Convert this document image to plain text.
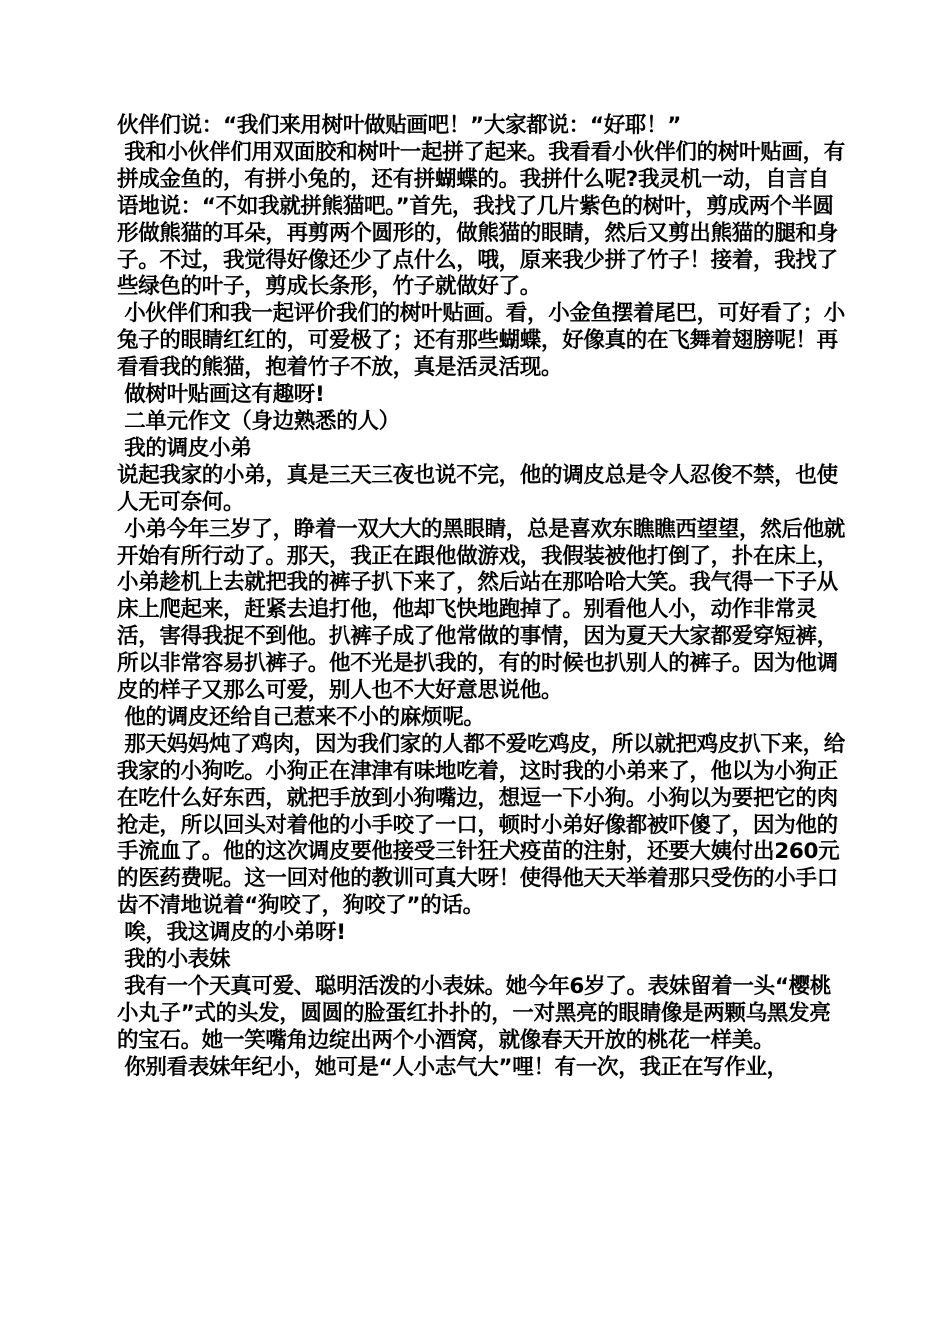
伙伴们说：“我们来用树叶做贴画吧！”大家都说：“好耶！”

我和小伙伴们用双面胶和树叶一起拼了起来。我看看小伙伴们的树叶贴画，有拼成金鱼的，有拼小兔的，还有拼蝴蝶的。我拼什么呢?我灵机一动，自言自语地说：“不如我就拼熊猫吧。”首先，我找了几片紫色的树叶，剪成两个半圆形做熊猫的耳朵，再剪两个圆形的，做熊猫的眼睛，然后又剪出熊猫的腿和身子。不过，我觉得好像还少了点什么，哦，原来我少拼了竹子！接着，我找了些绿色的叶子，剪成长条形，竹子就做好了。

小伙伴们和我一起评价我们的树叶贴画。看，小金鱼摆着尾巴，可好看了；小兔子的眼睛红红的，可爱极了；还有那些蝴蝶，好像真的在飞舞着翅膀呢！再看看我的熊猫，抱着竹子不放，真是活灵活现。

做树叶贴画这有趣呀!

二单元作文（身边熟悉的人）

我的调皮小弟

说起我家的小弟，真是三天三夜也说不完，他的调皮总是令人忍俊不禁，也使人无可奈何。

小弟今年三岁了，睁着一双大大的黑眼睛，总是喜欢东瞧瞧西望望，然后他就开始有所行动了。那天，我正在跟他做游戏，我假装被他打倒了，扑在床上，小弟趁机上去就把我的裤子扒下来了，然后站在那哈哈大笑。我气得一下子从床上爬起来，赶紧去追打他，他却飞快地跑掉了。别看他人小，动作非常灵活，害得我捉不到他。扒裤子成了他常做的事情，因为夏天大家都爱穿短裤，所以非常容易扒裤子。他不光是扒我的，有的时候也扒别人的裤子。因为他调皮的样子又那么可爱，别人也不大好意思说他。

他的调皮还给自己惹来不小的麻烦呢。

那天妈妈炖了鸡肉，因为我们家的人都不爱吃鸡皮，所以就把鸡皮扒下来，给我家的小狗吃。小狗正在津津有味地吃着，这时我的小弟来了，他以为小狗正在吃什么好东西，就把手放到小狗嘴边，想逗一下小狗。小狗以为要把它的肉抢走，所以回头对着他的小手咬了一口，顿时小弟好像都被吓傻了，因为他的手流血了。他的这次调皮要他接受三针狂犬疫苗的注射，还要大姨付出260元的医药费呢。这一回对他的教训可真大呀！使得他天天举着那只受伤的小手口齿不清地说着“狗咬了，狗咬了”的话。

唉，我这调皮的小弟呀!

我的小表妹

我有一个天真可爱、聪明活泼的小表妹。她今年6岁了。表妹留着一头“樱桃小丸子”式的头发，圆圆的脸蛋红扑扑的，一对黑亮的眼睛像是两颗乌黑发亮的宝石。她一笑嘴角边绽出两个小酒窝，就像春天开放的桃花一样美。

你别看表妹年纪小，她可是“人小志气大”哩！有一次，我正在写作业，
